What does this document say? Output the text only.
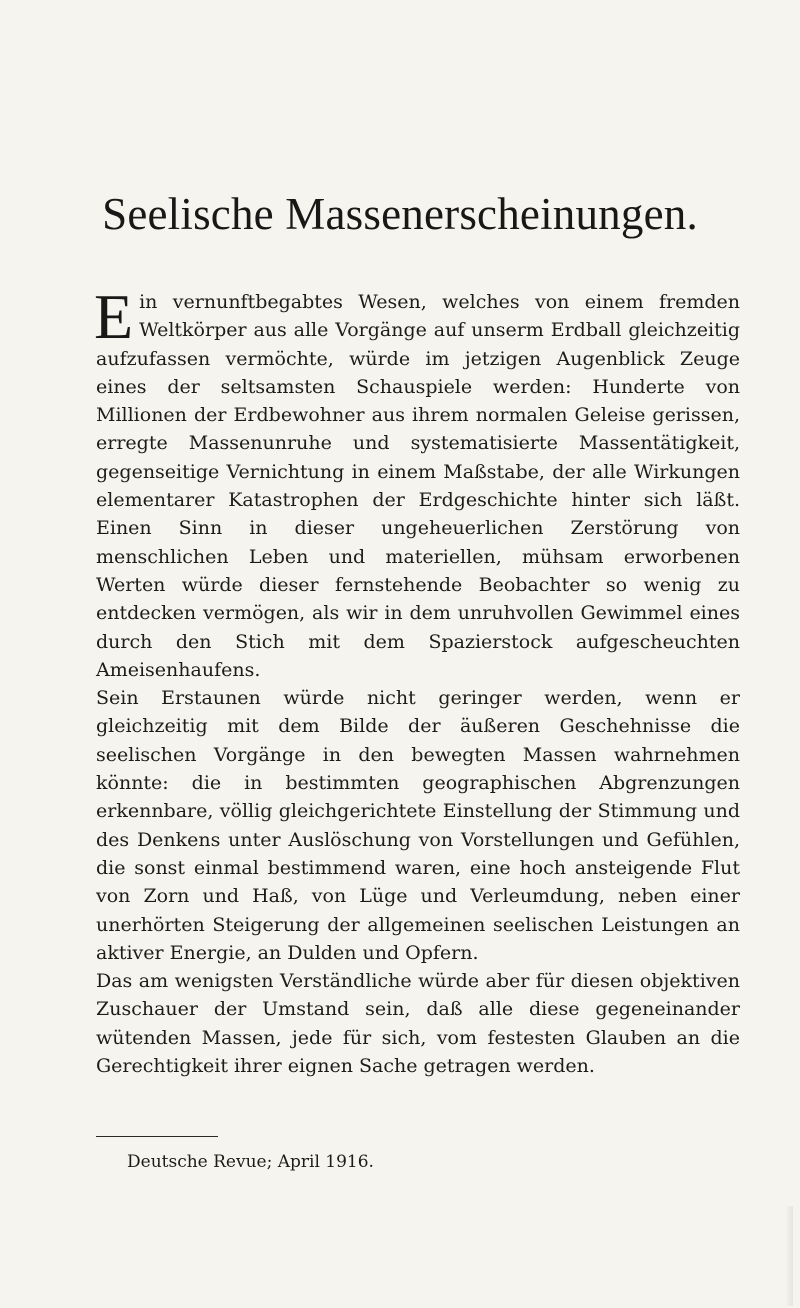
Seelische Massenerscheinungen.

Ein vernunftbegabtes Wesen, welches von einem fremden Weltkörper aus alle Vorgänge auf unserm Erdball gleichzeitig aufzufassen vermöchte, würde im jetzigen Augenblick Zeuge eines der seltsamsten Schauspiele werden: Hunderte von Millionen der Erdbewohner aus ihrem normalen Geleise gerissen, erregte Massenunruhe und systematisierte Massentätigkeit, gegenseitige Vernichtung in einem Maßstabe, der alle Wirkungen elementarer Katastrophen der Erdgeschichte hinter sich läßt. Einen Sinn in dieser ungeheuerlichen Zerstörung von menschlichen Leben und materiellen, mühsam erworbenen Werten würde dieser fernstehende Beobachter so wenig zu entdecken vermögen, als wir in dem unruhvollen Gewimmel eines durch den Stich mit dem Spazierstock aufgescheuchten Ameisenhaufens.

Sein Erstaunen würde nicht geringer werden, wenn er gleichzeitig mit dem Bilde der äußeren Geschehnisse die seelischen Vorgänge in den bewegten Massen wahrnehmen könnte: die in bestimmten geographischen Abgrenzungen erkennbare, völlig gleichgerichtete Einstellung der Stimmung und des Denkens unter Auslöschung von Vorstellungen und Gefühlen, die sonst einmal bestimmend waren, eine hoch ansteigende Flut von Zorn und Haß, von Lüge und Verleumdung, neben einer unerhörten Steigerung der allgemeinen seelischen Leistungen an aktiver Energie, an Dulden und Opfern.

Das am wenigsten Verständliche würde aber für diesen objektiven Zuschauer der Umstand sein, daß alle diese gegeneinander wütenden Massen, jede für sich, vom festesten Glauben an die Gerechtigkeit ihrer eignen Sache getragen werden.

Deutsche Revue; April 1916.
